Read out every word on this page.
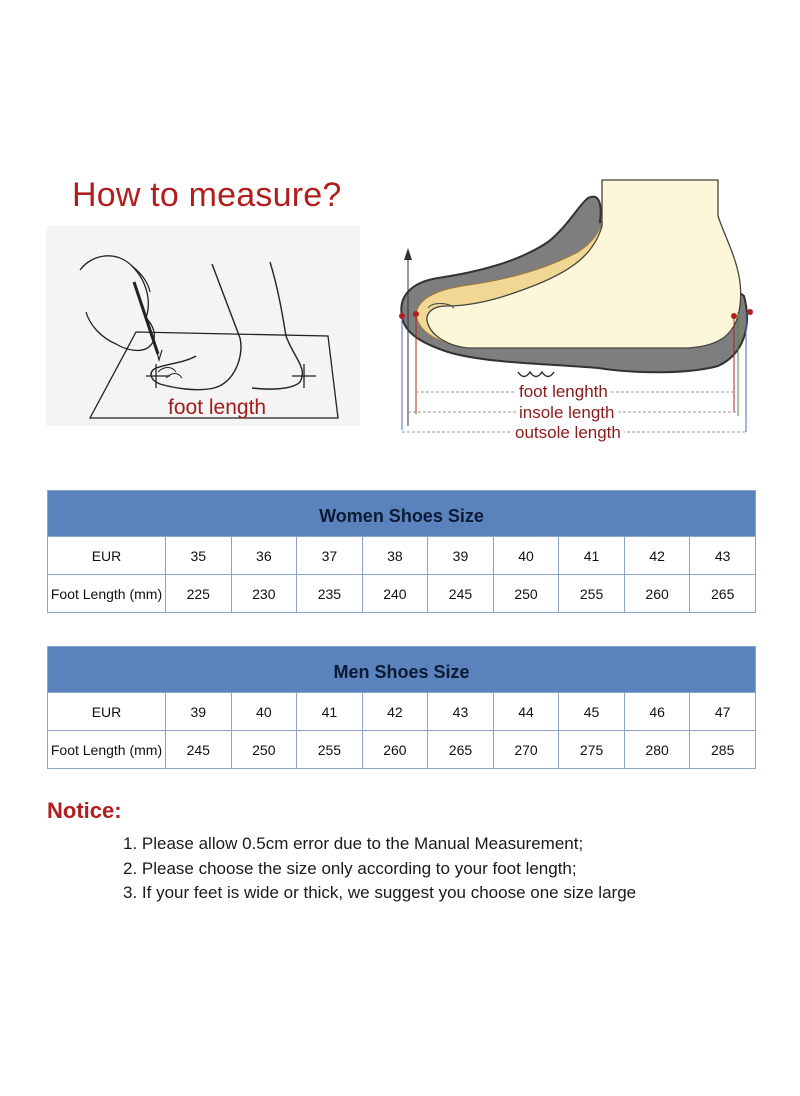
How to measure?
foot length
foot lenghth
insole length
outsole length
Women Shoes Size									
EUR	35	36	37	38	39	40	41	42	43
Foot Length (mm)	225	230	235	240	245	250	255	260	265
Men Shoes Size									
EUR	39	40	41	42	43	44	45	46	47
Foot Length (mm)	245	250	255	260	265	270	275	280	285
Notice:
1. Please allow 0.5cm error due to the Manual Measurement;
2. Please choose the size only according to your foot length;
3. If your feet is wide or thick, we suggest you choose one size large
